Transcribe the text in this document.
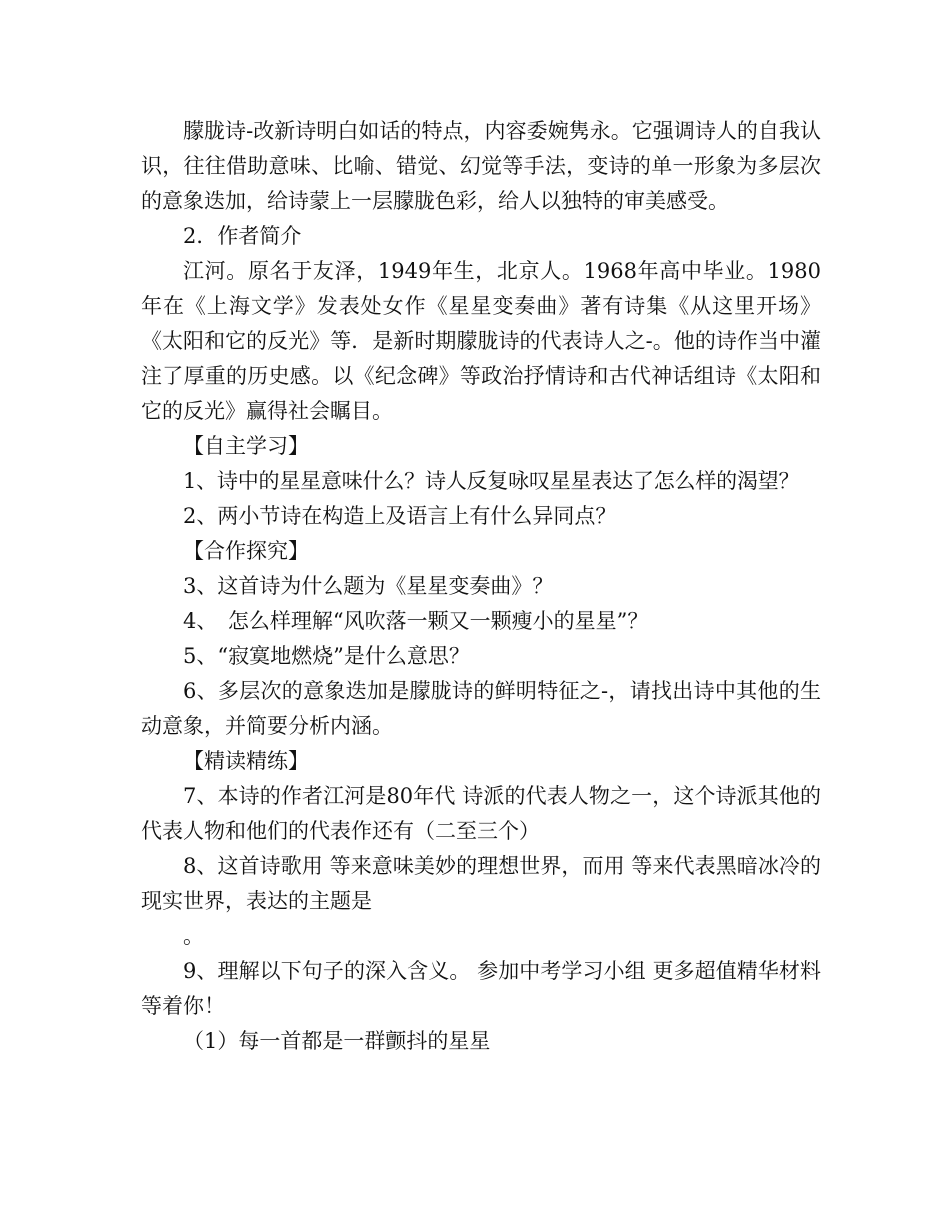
朦胧诗-改新诗明白如话的特点，内容委婉隽永。它强调诗人的自我认识，往往借助意味、比喻、错觉、幻觉等手法，变诗的单一形象为多层次的意象迭加，给诗蒙上一层朦胧色彩，给人以独特的审美感受。

2．作者简介

江河。原名于友泽，1949年生，北京人。1968年高中毕业。1980年在《上海文学》发表处女作《星星变奏曲》著有诗集《从这里开场》《太阳和它的反光》等．是新时期朦胧诗的代表诗人之-。他的诗作当中灌注了厚重的历史感。以《纪念碑》等政治抒情诗和古代神话组诗《太阳和它的反光》赢得社会瞩目。

【自主学习】

1、诗中的星星意味什么？诗人反复咏叹星星表达了怎么样的渴望？

2、两小节诗在构造上及语言上有什么异同点？

【合作探究】

3、这首诗为什么题为《星星变奏曲》？

4、　怎么样理解“风吹落一颗又一颗瘦小的星星”？

5、“寂寞地燃烧”是什么意思？

6、多层次的意象迭加是朦胧诗的鲜明特征之-，请找出诗中其他的生动意象，并简要分析内涵。

【精读精练】

7、本诗的作者江河是80年代 诗派的代表人物之一，这个诗派其他的代表人物和他们的代表作还有（二至三个）

8、这首诗歌用 等来意味美妙的理想世界，而用 等来代表黑暗冰冷的现实世界，表达的主题是

。

9、理解以下句子的深入含义。 参加中考学习小组 更多超值精华材料等着你！

（1）每一首都是一群颤抖的星星
